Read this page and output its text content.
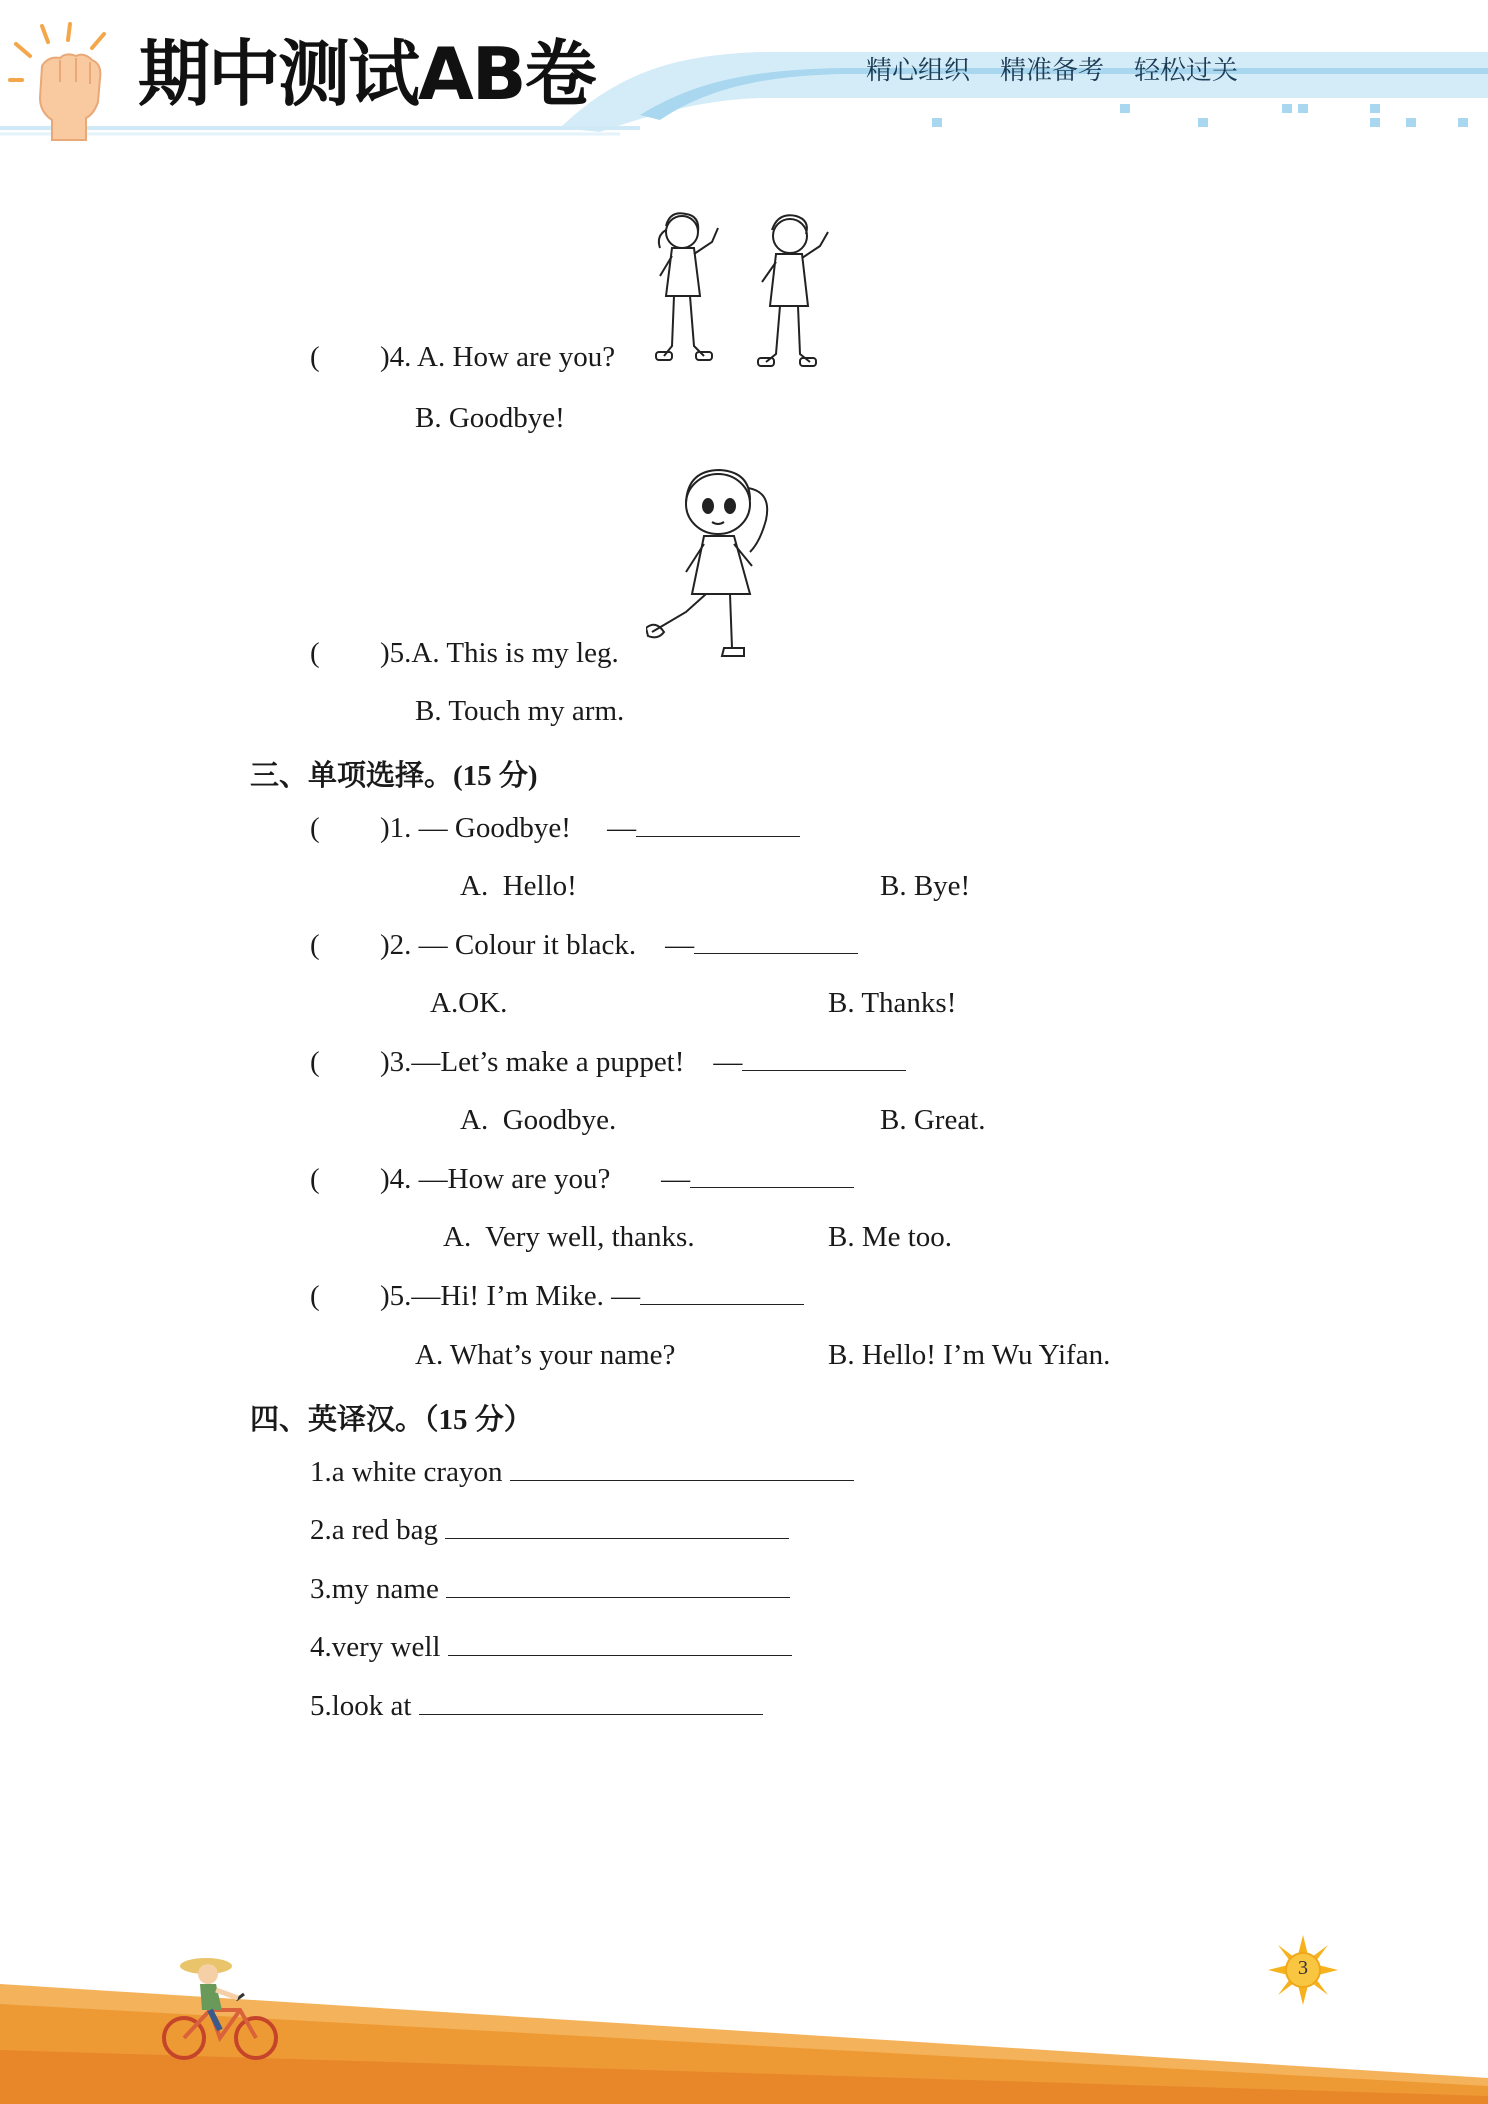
期中测试AB卷	精心组织 精准备考 轻松过关
( )4. A. How are you?
B. Goodbye!
( )5.A. This is my leg.
B. Touch my arm.
三、单项选择。(15 分)
( )1. — Goodbye!     —
A.  Hello!	B. Bye!
( )2. — Colour it black.    —
A.OK.	B. Thanks!
( )3.—Let’s make a puppet!    —
A.  Goodbye.	B. Great.
( )4. —How are you?       —
A.  Very well, thanks.	B. Me too.
( )5.—Hi! I’m Mike. —
A. What’s your name?	B. Hello! I’m Wu Yifan.
四、英译汉。（15 分）
1.a white crayon
2.a red bag
3.my name
4.very well
5.look at
3
